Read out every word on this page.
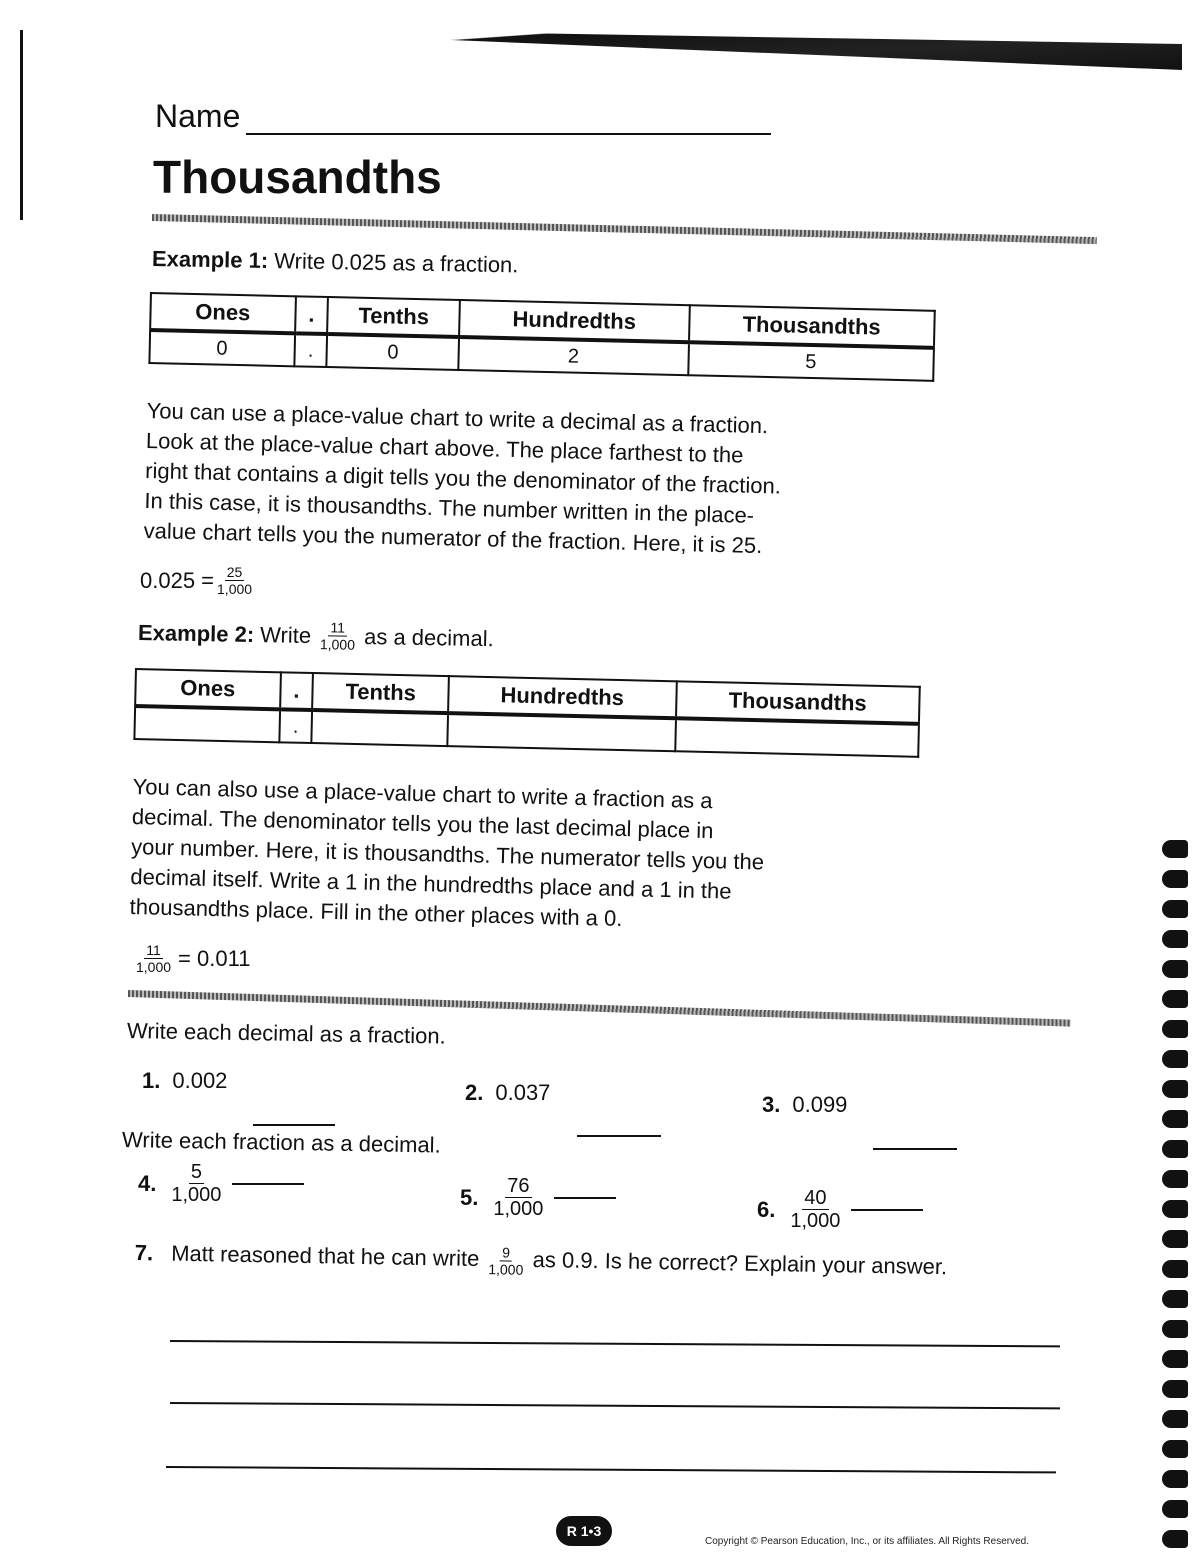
Name
Thousandths
Example 1: Write 0.025 as a fraction.
Ones	.	Tenths	Hundredths	Thousandths
0	.	0	2	5
You can use a place-value chart to write a decimal as a fraction.
Look at the place-value chart above. The place farthest to the
right that contains a digit tells you the denominator of the fraction.
In this case, it is thousandths. The number written in the place-
value chart tells you the numerator of the fraction. Here, it is 25.
$0.025 = \frac{25}{1,000}$
Example 2: Write $\frac{11}{1,000}$ as a decimal.
Ones	.	Tenths	Hundredths	Thousandths
	.			
You can also use a place-value chart to write a fraction as a
decimal. The denominator tells you the last decimal place in
your number. Here, it is thousandths. The numerator tells you the
decimal itself. Write a 1 in the hundredths place and a 1 in the
thousandths place. Fill in the other places with a 0.
$\frac{11}{1,000} = 0.011$
Write each decimal as a fraction.
1. 0.002	2. 0.037	3. 0.099
Write each fraction as a decimal.
4. $\frac{5}{1,000}$	5. $\frac{76}{1,000}$	6. $\frac{40}{1,000}$
7. Matt reasoned that he can write $\frac{9}{1,000}$ as 0.9. Is he correct? Explain your answer.
R 1•3
Copyright © Pearson Education, Inc., or its affiliates. All Rights Reserved.
